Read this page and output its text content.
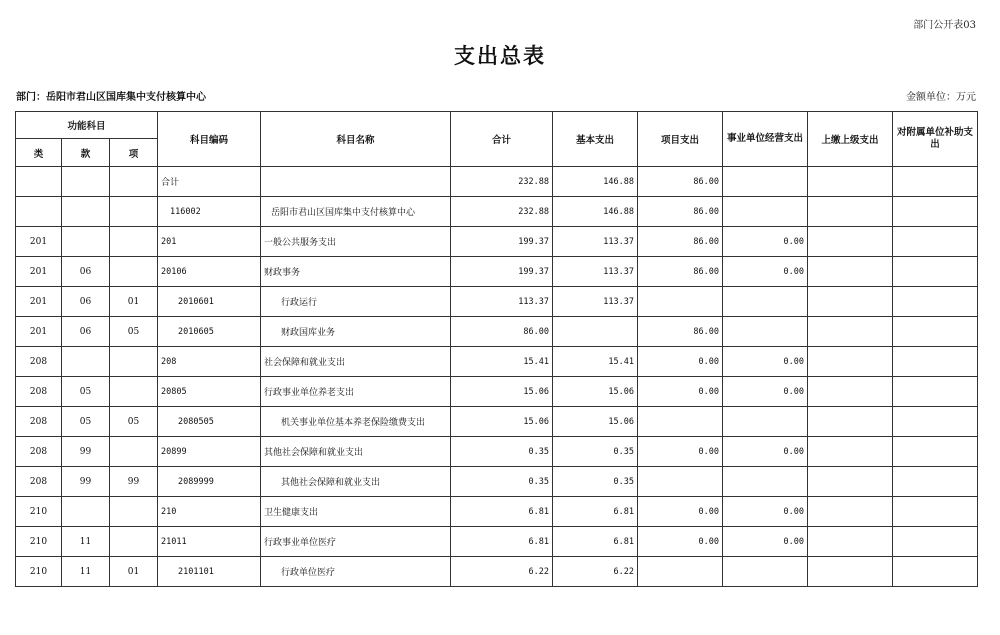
部门公开表03
支出总表
部门：岳阳市君山区国库集中支付核算中心	金额单位：万元
功能科目			科目编码	科目名称	合计	基本支出	项目支出	事业单位经营支出	上缴上级支出	对附属单位补助支出
类	款	项								
			合计		232.88	146.88	86.00			
			116002	岳阳市君山区国库集中支付核算中心	232.88	146.88	86.00			
201			201	一般公共服务支出	199.37	113.37	86.00	0.00		
201	06		20106	财政事务	199.37	113.37	86.00	0.00		
201	06	01	2010601	行政运行	113.37	113.37				
201	06	05	2010605	财政国库业务	86.00		86.00			
208			208	社会保障和就业支出	15.41	15.41	0.00	0.00		
208	05		20805	行政事业单位养老支出	15.06	15.06	0.00	0.00		
208	05	05	2080505	机关事业单位基本养老保险缴费支出	15.06	15.06				
208	99		20899	其他社会保障和就业支出	0.35	0.35	0.00	0.00		
208	99	99	2089999	其他社会保障和就业支出	0.35	0.35				
210			210	卫生健康支出	6.81	6.81	0.00	0.00		
210	11		21011	行政事业单位医疗	6.81	6.81	0.00	0.00		
210	11	01	2101101	行政单位医疗	6.22	6.22				
